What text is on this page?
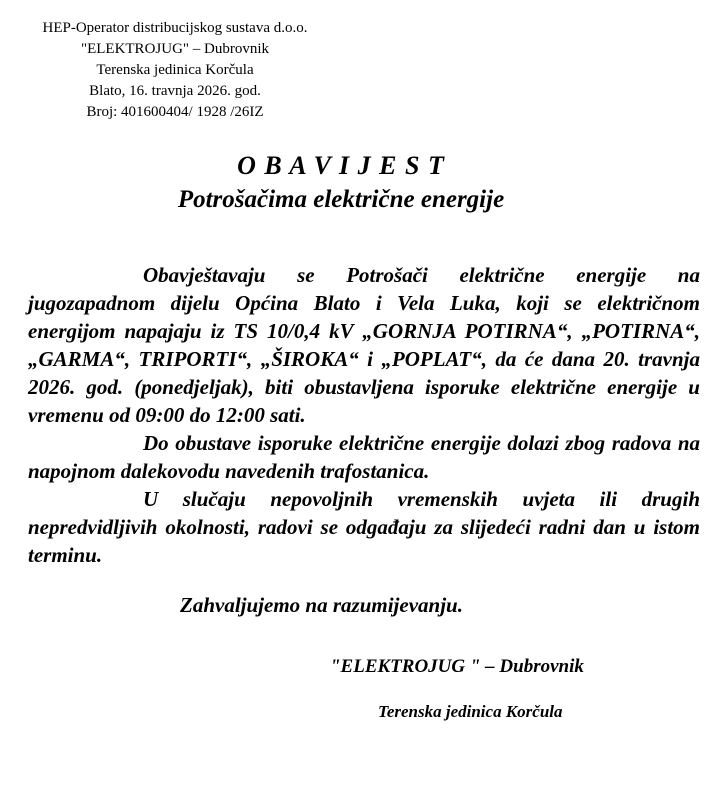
HEP-Operator distribucijskog sustava d.o.o.
"ELEKTROJUG" – Dubrovnik
Terenska jedinica Korčula
Blato, 16. travnja 2026. god.
Broj: 401600404/ 1928 /26IZ
O B A V I J E S T
Potrošačima električne energije

Obavještavaju se Potrošači električne energije na jugozapadnom dijelu Općina Blato i Vela Luka, koji se električnom energijom napajaju iz TS 10/0,4 kV „GORNJA POTIRNA“, „POTIRNA“, „GARMA“, TRIPORTI“, „ŠIROKA“ i „POPLAT“, da će dana 20. travnja 2026. god. (ponedjeljak), biti obustavljena isporuke električne energije u vremenu od 09:00 do 12:00 sati.

Do obustave isporuke električne energije dolazi zbog radova na napojnom dalekovodu navedenih trafostanica.

U slučaju nepovoljnih vremenskih uvjeta ili drugih nepredvidljivih okolnosti, radovi se odgađaju za slijedeći radni dan u istom terminu.

Zahvaljujemo na razumijevanju.
"ELEKTROJUG " – Dubrovnik
Terenska jedinica Korčula
